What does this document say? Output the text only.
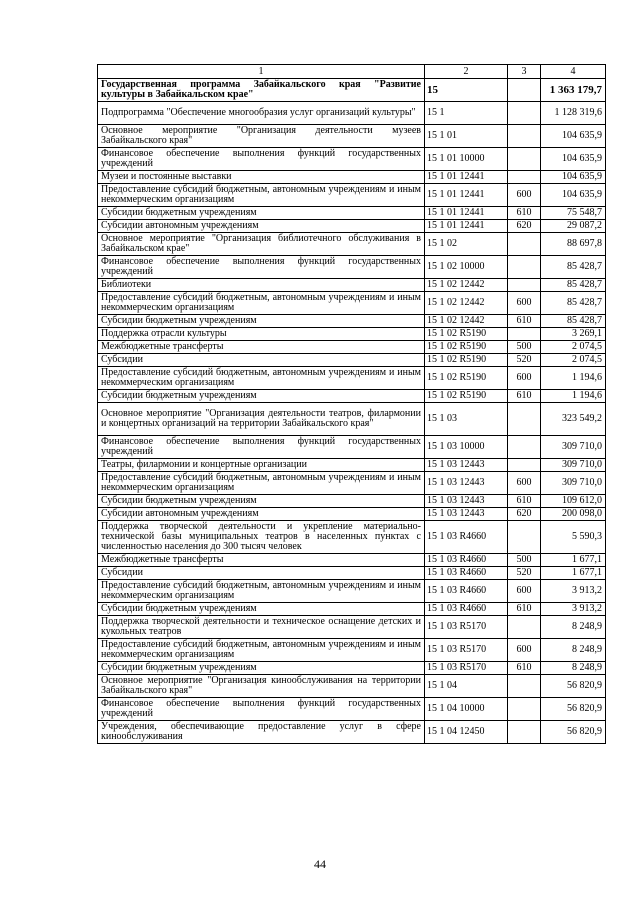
1	2	3	4
Государственная программа Забайкальского края "Развитие культуры в Забайкальском крае"	15		1 363 179,7
Подпрограмма "Обеспечение многообразия услуг организаций культуры"	15 1		1 128 319,6
Основное мероприятие "Организация деятельности музеев Забайкальского края"	15 1 01		104 635,9
Финансовое обеспечение выполнения функций государственных учреждений	15 1 01 10000		104 635,9
Музеи и постоянные выставки	15 1 01 12441		104 635,9
Предоставление субсидий бюджетным, автономным учреждениям и иным некоммерческим организациям	15 1 01 12441	600	104 635,9
Субсидии бюджетным учреждениям	15 1 01 12441	610	75 548,7
Субсидии автономным учреждениям	15 1 01 12441	620	29 087,2
Основное мероприятие "Организация библиотечного обслуживания в Забайкальском крае"	15 1 02		88 697,8
Финансовое обеспечение выполнения функций государственных учреждений	15 1 02 10000		85 428,7
Библиотеки	15 1 02 12442		85 428,7
Предоставление субсидий бюджетным, автономным учреждениям и иным некоммерческим организациям	15 1 02 12442	600	85 428,7
Субсидии бюджетным учреждениям	15 1 02 12442	610	85 428,7
Поддержка отрасли культуры	15 1 02 R5190		3 269,1
Межбюджетные трансферты	15 1 02 R5190	500	2 074,5
Субсидии	15 1 02 R5190	520	2 074,5
Предоставление субсидий бюджетным, автономным учреждениям и иным некоммерческим организациям	15 1 02 R5190	600	1 194,6
Субсидии бюджетным учреждениям	15 1 02 R5190	610	1 194,6
Основное мероприятие "Организация деятельности театров, филармонии и концертных организаций на территории Забайкальского края"	15 1 03		323 549,2
Финансовое обеспечение выполнения функций государственных учреждений	15 1 03 10000		309 710,0
Театры, филармонии и концертные организации	15 1 03 12443		309 710,0
Предоставление субсидий бюджетным, автономным учреждениям и иным некоммерческим организациям	15 1 03 12443	600	309 710,0
Субсидии бюджетным учреждениям	15 1 03 12443	610	109 612,0
Субсидии автономным учреждениям	15 1 03 12443	620	200 098,0
Поддержка творческой деятельности и укрепление материально-технической базы муниципальных театров в населенных пунктах с численностью населения до 300 тысяч человек	15 1 03 R4660		5 590,3
Межбюджетные трансферты	15 1 03 R4660	500	1 677,1
Субсидии	15 1 03 R4660	520	1 677,1
Предоставление субсидий бюджетным, автономным учреждениям и иным некоммерческим организациям	15 1 03 R4660	600	3 913,2
Субсидии бюджетным учреждениям	15 1 03 R4660	610	3 913,2
Поддержка творческой деятельности и техническое оснащение детских и кукольных театров	15 1 03 R5170		8 248,9
Предоставление субсидий бюджетным, автономным учреждениям и иным некоммерческим организациям	15 1 03 R5170	600	8 248,9
Субсидии бюджетным учреждениям	15 1 03 R5170	610	8 248,9
Основное мероприятие "Организация кинообслуживания на территории Забайкальского края"	15 1 04		56 820,9
Финансовое обеспечение выполнения функций государственных учреждений	15 1 04 10000		56 820,9
Учреждения, обеспечивающие предоставление услуг в сфере кинообслуживания	15 1 04 12450		56 820,9
44
